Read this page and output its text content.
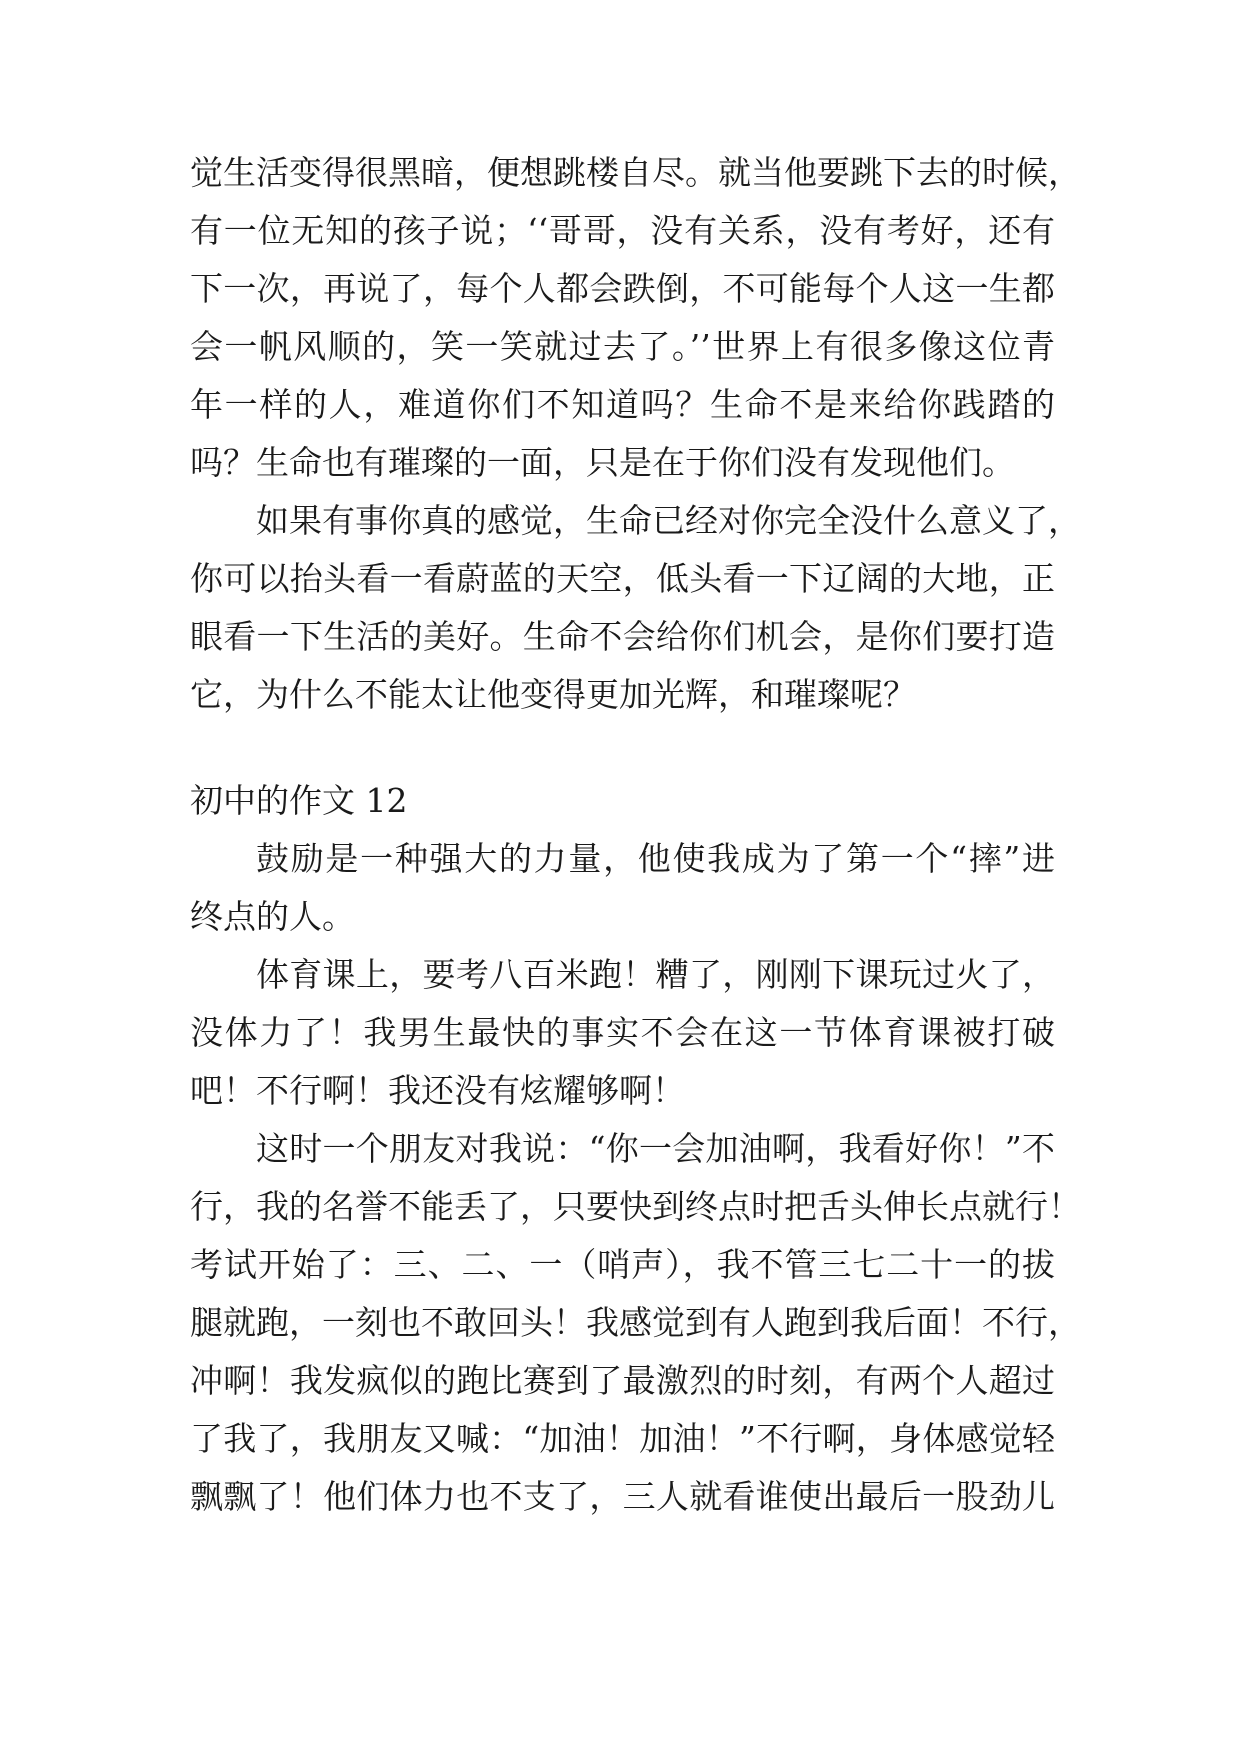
觉生活变得很黑暗，便想跳楼自尽。就当他要跳下去的时候，
有一位无知的孩子说；‘‘哥哥，没有关系，没有考好，还有
下一次，再说了，每个人都会跌倒，不可能每个人这一生都
会一帆风顺的，笑一笑就过去了。’’世界上有很多像这位青
年一样的人，难道你们不知道吗？生命不是来给你践踏的
吗？生命也有璀璨的一面，只是在于你们没有发现他们。
如果有事你真的感觉，生命已经对你完全没什么意义了，
你可以抬头看一看蔚蓝的天空，低头看一下辽阔的大地，正
眼看一下生活的美好。生命不会给你们机会，是你们要打造
它，为什么不能太让他变得更加光辉，和璀璨呢？
初中的作文 12
鼓励是一种强大的力量，他使我成为了第一个“摔”进
终点的人。
体育课上，要考八百米跑！糟了，刚刚下课玩过火了，
没体力了！我男生最快的事实不会在这一节体育课被打破
吧！不行啊！我还没有炫耀够啊！
这时一个朋友对我说：“你一会加油啊，我看好你！”不
行，我的名誉不能丢了，只要快到终点时把舌头伸长点就行！
考试开始了：三、二、一（哨声），我不管三七二十一的拔
腿就跑，一刻也不敢回头！我感觉到有人跑到我后面！不行，
冲啊！我发疯似的跑比赛到了最激烈的时刻，有两个人超过
了我了，我朋友又喊：“加油！加油！”不行啊，身体感觉轻
飘飘了！他们体力也不支了，三人就看谁使出最后一股劲儿
